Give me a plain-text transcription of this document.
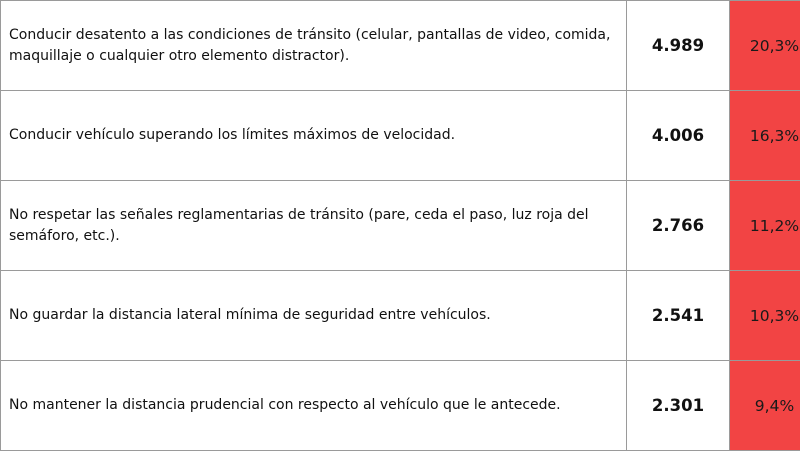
Conducir desatento a las condiciones de tránsito (celular, pantallas de video, comida, maquillaje o cualquier otro elemento distractor).	4.989	20,3%
Conducir vehículo superando los límites máximos de velocidad.	4.006	16,3%
No respetar las señales reglamentarias de tránsito (pare, ceda el paso, luz roja del semáforo, etc.).	2.766	11,2%
No guardar la distancia lateral mínima de seguridad entre vehículos.	2.541	10,3%
No mantener la distancia prudencial con respecto al vehículo que le antecede.	2.301	9,4%
